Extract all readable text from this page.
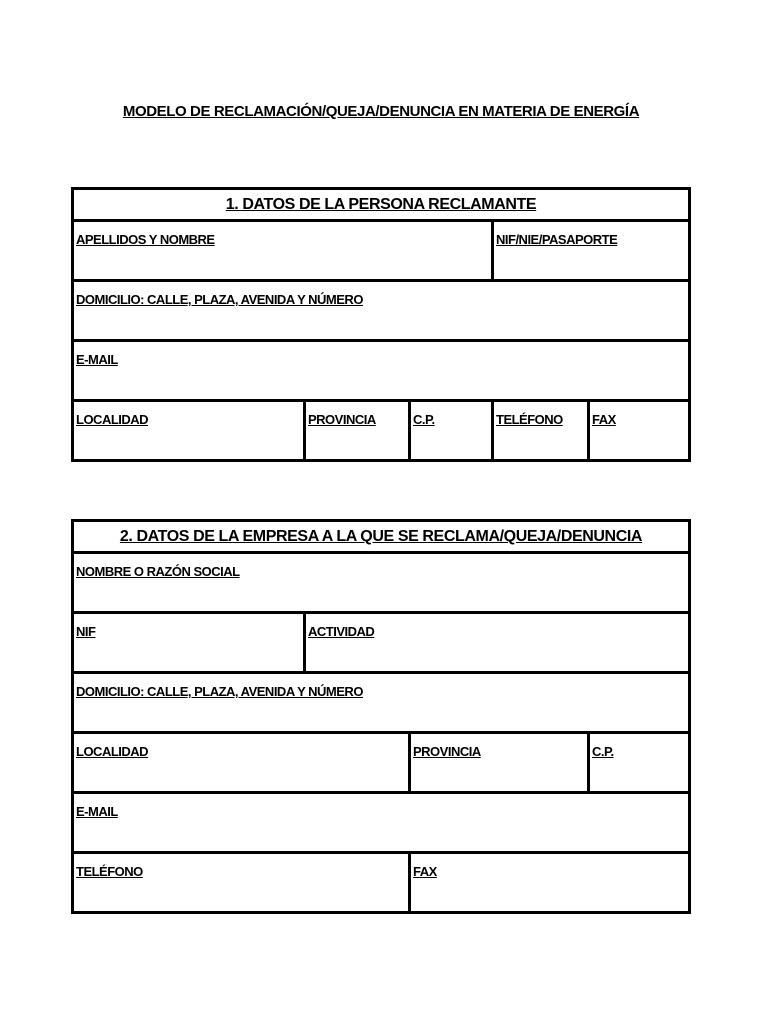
MODELO DE RECLAMACIÓN/QUEJA/DENUNCIA EN MATERIA DE ENERGÍA
1. DATOS DE LA PERSONA RECLAMANTE
APELLIDOS Y NOMBRE	NIF/NIE/PASAPORTE
DOMICILIO: CALLE, PLAZA, AVENIDA Y NÚMERO
E-MAIL
LOCALIDAD	PROVINCIA	C.P.	TELÉFONO	FAX
2. DATOS DE LA EMPRESA A LA QUE SE RECLAMA/QUEJA/DENUNCIA
NOMBRE O RAZÓN SOCIAL
NIF	ACTIVIDAD
DOMICILIO: CALLE, PLAZA, AVENIDA Y NÚMERO
LOCALIDAD	PROVINCIA	C.P.
E-MAIL
TELÉFONO	FAX
